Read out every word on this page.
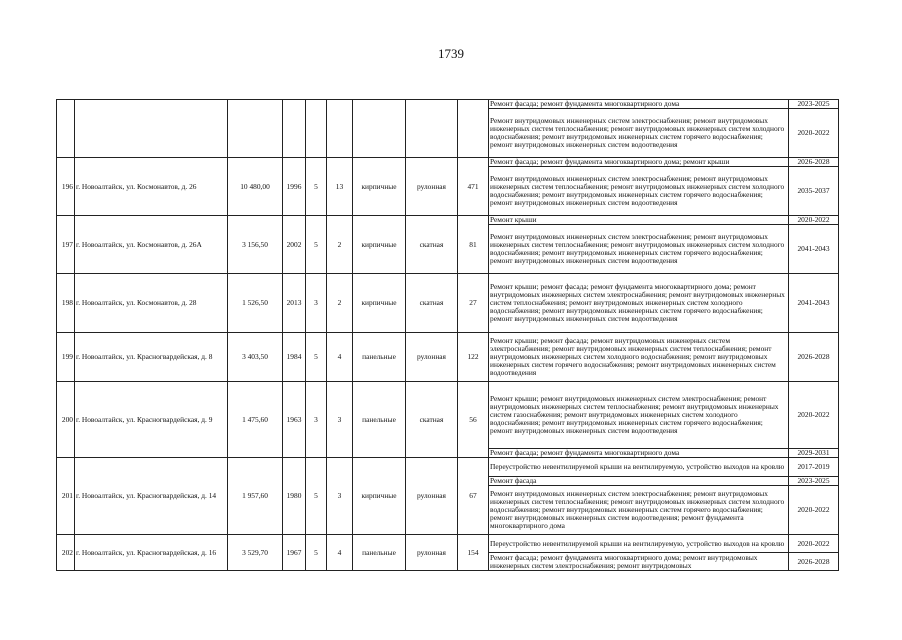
1739

									Ремонт фасада; ремонт фундамента многоквартирного дома	2023-2025

									Ремонт внутридомовых инженерных систем электроснабжения; ремонт внутридомовых инженерных систем теплоснабжения; ремонт внутридомовых инженерных систем холодного водоснабжения; ремонт внутридомовых инженерных систем горячего водоснабжения; ремонт внутридомовых инженерных систем водоотведения	2020-2022
196	г. Новоалтайск, ул. Космонавтов, д. 26	10 480,00	1996	5	13	кирпичные	рулонная	471	Ремонт фасада; ремонт фундамента многоквартирного дома; ремонт крыши	2026-2028

									Ремонт внутридомовых инженерных систем электроснабжения; ремонт внутридомовых инженерных систем теплоснабжения; ремонт внутридомовых инженерных систем холодного водоснабжения; ремонт внутридомовых инженерных систем горячего водоснабжения; ремонт внутридомовых инженерных систем водоотведения	2035-2037
197	г. Новоалтайск, ул. Космонавтов, д. 26А	3 156,50	2002	5	2	кирпичные	скатная	81	Ремонт крыши	2020-2022

									Ремонт внутридомовых инженерных систем электроснабжения; ремонт внутридомовых инженерных систем теплоснабжения; ремонт внутридомовых инженерных систем холодного водоснабжения; ремонт внутридомовых инженерных систем горячего водоснабжения; ремонт внутридомовых инженерных систем водоотведения	2041-2043
198	г. Новоалтайск, ул. Космонавтов, д. 28	1 526,50	2013	3	2	кирпичные	скатная	27	Ремонт крыши; ремонт фасада; ремонт фундамента многоквартирного дома; ремонт внутридомовых инженерных систем электроснабжения; ремонт внутридомовых инженерных систем теплоснабжения; ремонт внутридомовых инженерных систем холодного водоснабжения; ремонт внутридомовых инженерных систем горячего водоснабжения; ремонт внутридомовых инженерных систем водоотведения	2041-2043
199	г. Новоалтайск, ул. Красногвардейская, д. 8	3 403,50	1984	5	4	панельные	рулонная	122	Ремонт крыши; ремонт фасада; ремонт внутридомовых инженерных систем электроснабжения; ремонт внутридомовых инженерных систем теплоснабжения; ремонт внутридомовых инженерных систем холодного водоснабжения; ремонт внутридомовых инженерных систем горячего водоснабжения; ремонт внутридомовых инженерных систем водоотведения	2026-2028
200	г. Новоалтайск, ул. Красногвардейская, д. 9	1 475,60	1963	3	3	панельные	скатная	56	Ремонт крыши; ремонт внутридомовых инженерных систем электроснабжения; ремонт внутридомовых инженерных систем теплоснабжения; ремонт внутридомовых инженерных систем газоснабжения; ремонт внутридомовых инженерных систем холодного водоснабжения; ремонт внутридомовых инженерных систем горячего водоснабжения; ремонт внутридомовых инженерных систем водоотведения	2020-2022

									Ремонт фасада; ремонт фундамента многоквартирного дома	2029-2031
201	г. Новоалтайск, ул. Красногвардейская, д. 14	1 957,60	1980	5	3	кирпичные	рулонная	67	Переустройство невентилируемой крыши на вентилируемую, устройство выходов на кровлю	2017-2019

									Ремонт фасада	2023-2025

									Ремонт внутридомовых инженерных систем электроснабжения; ремонт внутридомовых инженерных систем теплоснабжения; ремонт внутридомовых инженерных систем холодного водоснабжения; ремонт внутридомовых инженерных систем горячего водоснабжения; ремонт внутридомовых инженерных систем водоотведения; ремонт фундамента многоквартирного дома	2020-2022
202	г. Новоалтайск, ул. Красногвардейская, д. 16	3 529,70	1967	5	4	панельные	рулонная	154	Переустройство невентилируемой крыши на вентилируемую, устройство выходов на кровлю	2020-2022

									Ремонт фасада; ремонт фундамента многоквартирного дома; ремонт внутридомовых инженерных систем электроснабжения; ремонт внутридомовых	2026-2028
